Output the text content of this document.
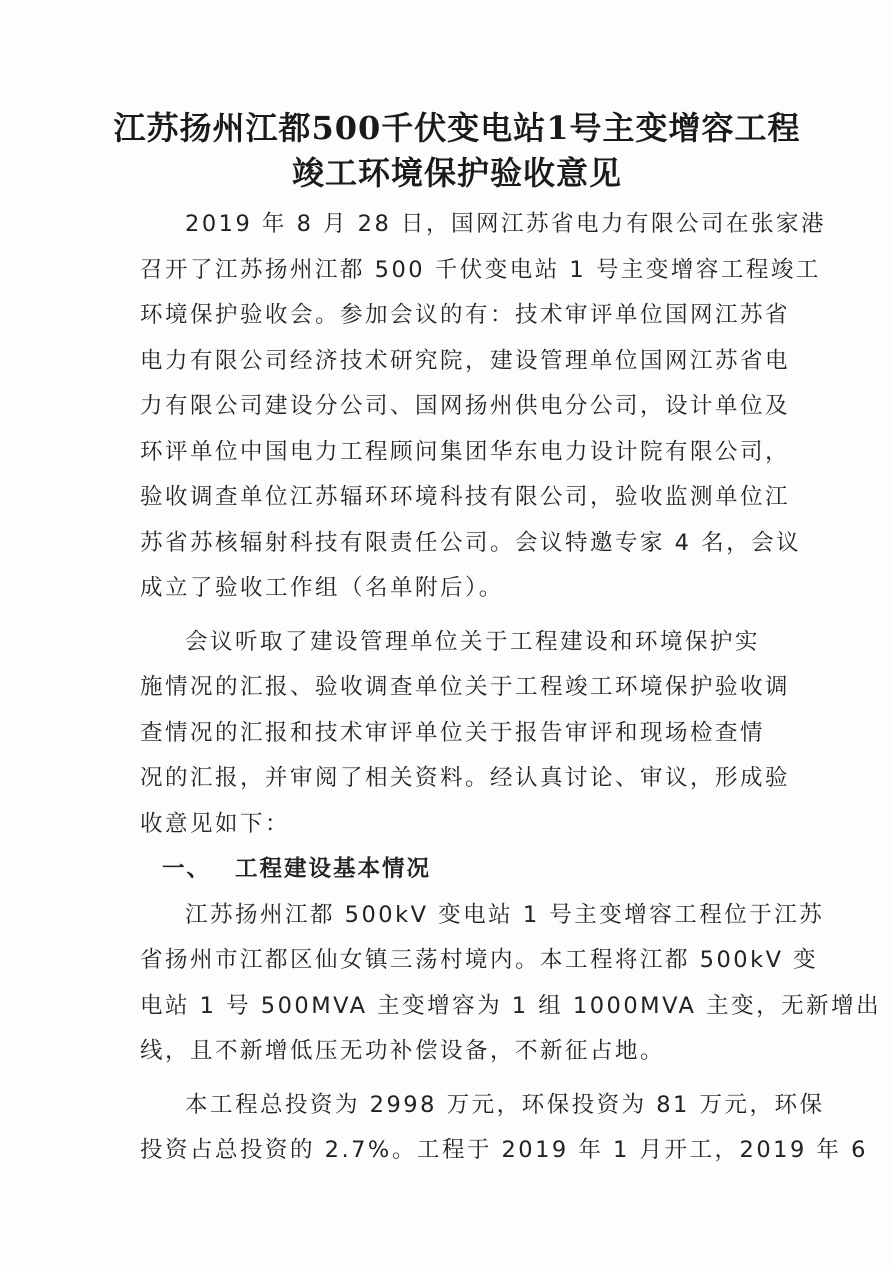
江苏扬州江都500千伏变电站1号主变增容工程
竣工环境保护验收意见
2019 年 8 月 28 日，国网江苏省电力有限公司在张家港
召开了江苏扬州江都 500 千伏变电站 1 号主变增容工程竣工
环境保护验收会。参加会议的有：技术审评单位国网江苏省
电力有限公司经济技术研究院，建设管理单位国网江苏省电
力有限公司建设分公司、国网扬州供电分公司，设计单位及
环评单位中国电力工程顾问集团华东电力设计院有限公司，
验收调查单位江苏辐环环境科技有限公司，验收监测单位江
苏省苏核辐射科技有限责任公司。会议特邀专家 4 名，会议
成立了验收工作组（名单附后）。
会议听取了建设管理单位关于工程建设和环境保护实
施情况的汇报、验收调查单位关于工程竣工环境保护验收调
查情况的汇报和技术审评单位关于报告审评和现场检查情
况的汇报，并审阅了相关资料。经认真讨论、审议，形成验
收意见如下：
一、 工程建设基本情况
江苏扬州江都 500kV 变电站 1 号主变增容工程位于江苏
省扬州市江都区仙女镇三荡村境内。本工程将江都 500kV 变
电站 1 号 500MVA 主变增容为 1 组 1000MVA 主变，无新增出
线，且不新增低压无功补偿设备，不新征占地。
本工程总投资为 2998 万元，环保投资为 81 万元，环保
投资占总投资的 2.7%。工程于 2019 年 1 月开工，2019 年 6
